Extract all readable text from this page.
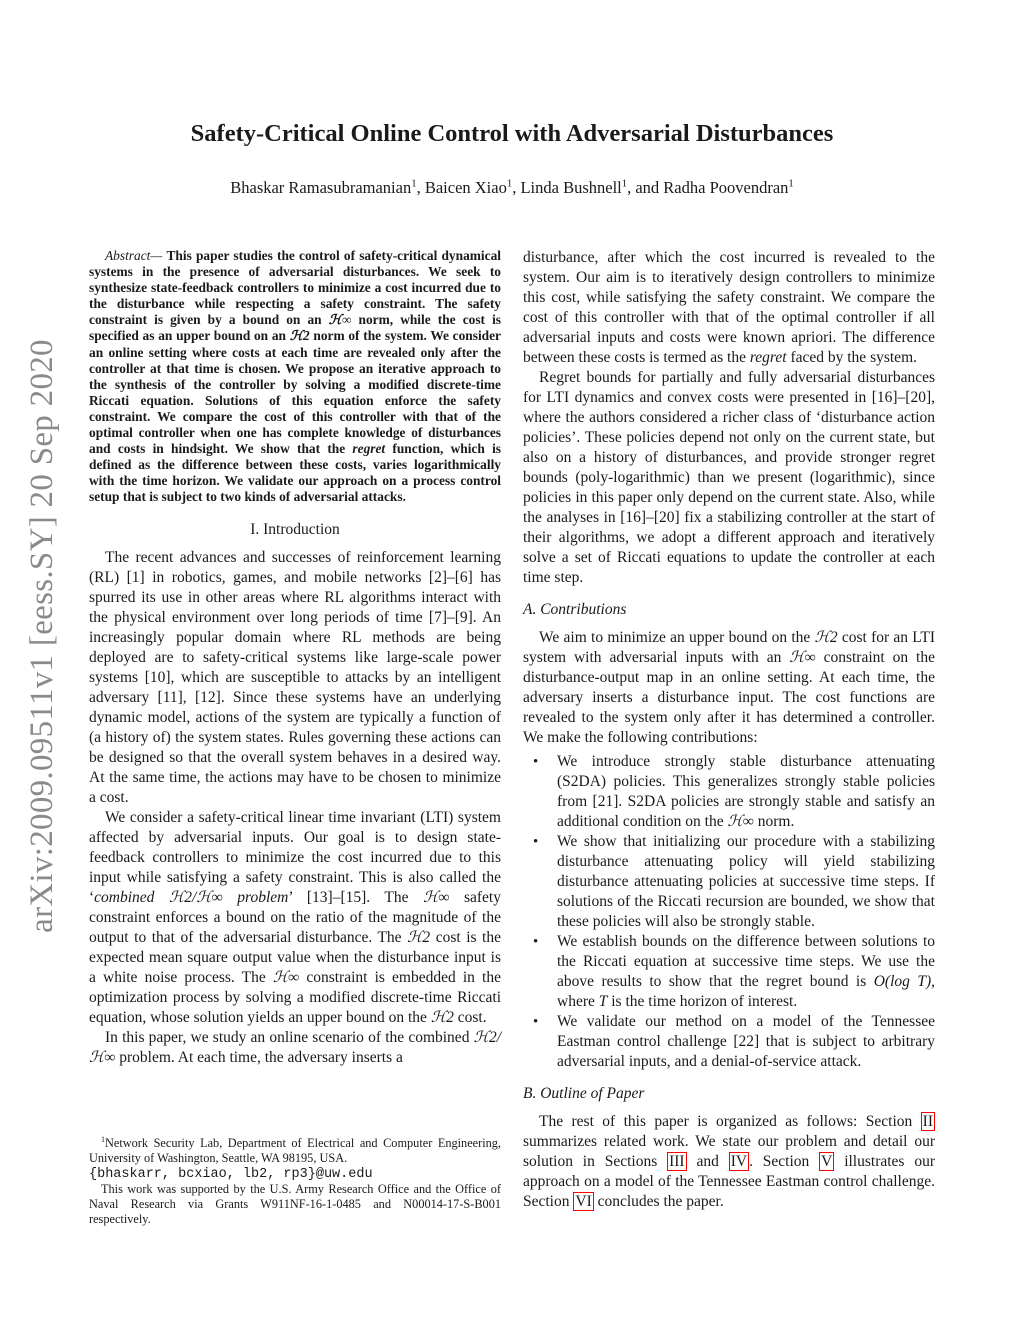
arXiv:2009.09511v1 [eess.SY] 20 Sep 2020
Safety-Critical Online Control with Adversarial Disturbances
Bhaskar Ramasubramanian$^1$, Baicen Xiao$^1$, Linda Bushnell$^1$, and Radha Poovendran$^1$

Abstract— This paper studies the control of safety-critical dynamical systems in the presence of adversarial disturbances. We seek to synthesize state-feedback controllers to minimize a cost incurred due to the disturbance while respecting a safety constraint. The safety constraint is given by a bound on an ℋ∞ norm, while the cost is specified as an upper bound on an ℋ2 norm of the system. We consider an online setting where costs at each time are revealed only after the controller at that time is chosen. We propose an iterative approach to the synthesis of the controller by solving a modified discrete-time Riccati equation. Solutions of this equation enforce the safety constraint. We compare the cost of this controller with that of the optimal controller when one has complete knowledge of disturbances and costs in hindsight. We show that the regret function, which is defined as the difference between these costs, varies logarithmically with the time horizon. We validate our approach on a process control setup that is subject to two kinds of adversarial attacks.

I. Introduction

The recent advances and successes of reinforcement learning (RL) [1] in robotics, games, and mobile networks [2]–[6] has spurred its use in other areas where RL algorithms interact with the physical environment over long periods of time [7]–[9]. An increasingly popular domain where RL methods are being deployed are to safety-critical systems like large-scale power systems [10], which are susceptible to attacks by an intelligent adversary [11], [12]. Since these systems have an underlying dynamic model, actions of the system are typically a function of (a history of) the system states. Rules governing these actions can be designed so that the overall system behaves in a desired way. At the same time, the actions may have to be chosen to minimize a cost.

We consider a safety-critical linear time invariant (LTI) system affected by adversarial inputs. Our goal is to design state-feedback controllers to minimize the cost incurred due to this input while satisfying a safety constraint. This is also called the ‘combined ℋ2/ℋ∞ problem’ [13]–[15]. The ℋ∞ safety constraint enforces a bound on the ratio of the magnitude of the output to that of the adversarial disturbance. The ℋ2 cost is the expected mean square output value when the disturbance input is a white noise process. The ℋ∞ constraint is embedded in the optimization process by solving a modified discrete-time Riccati equation, whose solution yields an upper bound on the ℋ2 cost.

In this paper, we study an online scenario of the combined ℋ2/ℋ∞ problem. At each time, the adversary inserts a

$^1$Network Security Lab, Department of Electrical and Computer Engineering, University of Washington, Seattle, WA 98195, USA.

{bhaskarr, bcxiao, lb2, rp3}@uw.edu

This work was supported by the U.S. Army Research Office and the Office of Naval Research via Grants W911NF-16-1-0485 and N00014-17-S-B001 respectively.

disturbance, after which the cost incurred is revealed to the system. Our aim is to iteratively design controllers to minimize this cost, while satisfying the safety constraint. We compare the cost of this controller with that of the optimal controller if all adversarial inputs and costs were known apriori. The difference between these costs is termed as the regret faced by the system.

Regret bounds for partially and fully adversarial disturbances for LTI dynamics and convex costs were presented in [16]–[20], where the authors considered a richer class of ‘disturbance action policies’. These policies depend not only on the current state, but also on a history of disturbances, and provide stronger regret bounds (poly-logarithmic) than we present (logarithmic), since policies in this paper only depend on the current state. Also, while the analyses in [16]–[20] fix a stabilizing controller at the start of their algorithms, we adopt a different approach and iteratively solve a set of Riccati equations to update the controller at each time step.

A. Contributions

We aim to minimize an upper bound on the ℋ2 cost for an LTI system with adversarial inputs with an ℋ∞ constraint on the disturbance-output map in an online setting. At each time, the adversary inserts a disturbance input. The cost functions are revealed to the system only after it has determined a controller. We make the following contributions:

• We introduce strongly stable disturbance attenuating (S2DA) policies. This generalizes strongly stable policies from [21]. S2DA policies are strongly stable and satisfy an additional condition on the ℋ∞ norm.
• We show that initializing our procedure with a stabilizing disturbance attenuating policy will yield stabilizing disturbance attenuating policies at successive time steps. If solutions of the Riccati recursion are bounded, we show that these policies will also be strongly stable.
• We establish bounds on the difference between solutions to the Riccati equation at successive time steps. We use the above results to show that the regret bound is O(log T), where T is the time horizon of interest.
• We validate our method on a model of the Tennessee Eastman control challenge [22] that is subject to arbitrary adversarial inputs, and a denial-of-service attack.
B. Outline of Paper

The rest of this paper is organized as follows: Section II summarizes related work. We state our problem and detail our solution in Sections III and IV . Section V illustrates our approach on a model of the Tennessee Eastman control challenge. Section VI concludes the paper.
